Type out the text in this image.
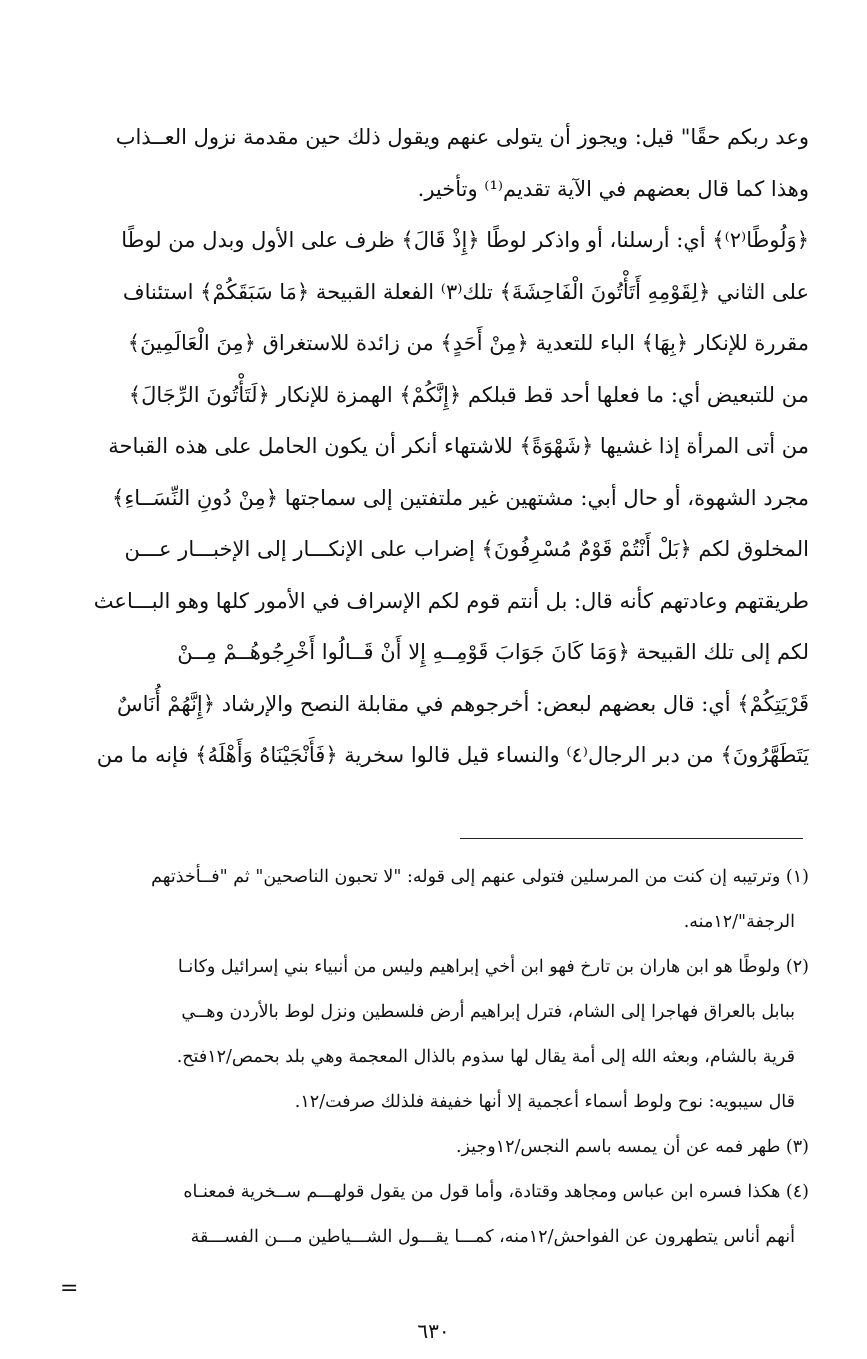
وعد ربكم حقًا" قيل: ويجوز أن يتولى عنهم ويقول ذلك حين مقدمة نزول العــذاب
وهذا كما قال بعضهم في الآية تقديم⁽¹⁾ وتأخير.
﴿وَلُوطًا⁽٢⁾﴾ أي: أرسلنا، أو واذكر لوطًا ﴿إِذْ قَالَ﴾ ظرف على الأول وبدل من لوطًا
على الثاني ﴿لِقَوْمِهِ أَتَأْتُونَ الْفَاحِشَةَ﴾ تلك⁽٣⁾ الفعلة القبيحة ﴿مَا سَبَقَكُمْ﴾ استئناف
مقررة للإنكار ﴿بِهَا﴾ الباء للتعدية ﴿مِنْ أَحَدٍ﴾ من زائدة للاستغراق ﴿مِنَ الْعَالَمِينَ﴾
من للتبعيض أي: ما فعلها أحد قط قبلكم ﴿إِنَّكُمْ﴾ الهمزة للإنكار ﴿لَتَأْتُونَ الرِّجَالَ﴾
من أتى المرأة إذا غشيها ﴿شَهْوَةً﴾ للاشتهاء أنكر أن يكون الحامل على هذه القباحة
مجرد الشهوة، أو حال أبي: مشتهين غير ملتفتين إلى سماجتها ﴿مِنْ دُونِ النِّسَــاءِ﴾
المخلوق لكم ﴿بَلْ أَنْتُمْ قَوْمٌ مُسْرِفُونَ﴾ إضراب على الإنكـــار إلى الإخبـــار عـــن
طريقتهم وعادتهم كأنه قال: بل أنتم قوم لكم الإسراف في الأمور كلها وهو البـــاعث
لكم إلى تلك القبيحة ﴿وَمَا كَانَ جَوَابَ قَوْمِــهِ إِلا أَنْ قَــالُوا أَخْرِجُوهُــمْ مِــنْ
قَرْيَتِكُمْ﴾ أي: قال بعضهم لبعض: أخرجوهم في مقابلة النصح والإرشاد ﴿إِنَّهُمْ أُنَاسٌ
يَتَطَهَّرُونَ﴾ من دبر الرجال⁽٤⁾ والنساء قيل قالوا سخرية ﴿فَأَنْجَيْنَاهُ وَأَهْلَهُ﴾ فإنه ما من
(١) وترتيبه إن كنت من المرسلين فتولى عنهم إلى قوله: "لا تحبون الناصحين" ثم "فــأخذتهم
الرجفة"/١٢منه.
(٢) ولوطًا هو ابن هاران بن تارخ فهو ابن أخي إبراهيم وليس من أنبياء بني إسرائيل وكانـا
ببابل بالعراق فهاجرا إلى الشام، فترل إبراهيم أرض فلسطين ونزل لوط بالأردن وهــي
قرية بالشام، وبعثه الله إلى أمة يقال لها سذوم بالذال المعجمة وهي بلد بحمص/١٢فتح.
قال سيبويه: نوح ولوط أسماء أعجمية إلا أنها خفيفة فلذلك صرفت/١٢.
(٣) طهر فمه عن أن يمسه باسم النجس/١٢وجيز.
(٤) هكذا فسره ابن عباس ومجاهد وقتادة، وأما قول من يقول قولهـــم ســخرية فمعنـاه
أنهم أناس يتطهرون عن الفواحش/١٢منه، كمـــا يقـــول الشـــياطين مـــن الفســـقة
=
٦٣٠
